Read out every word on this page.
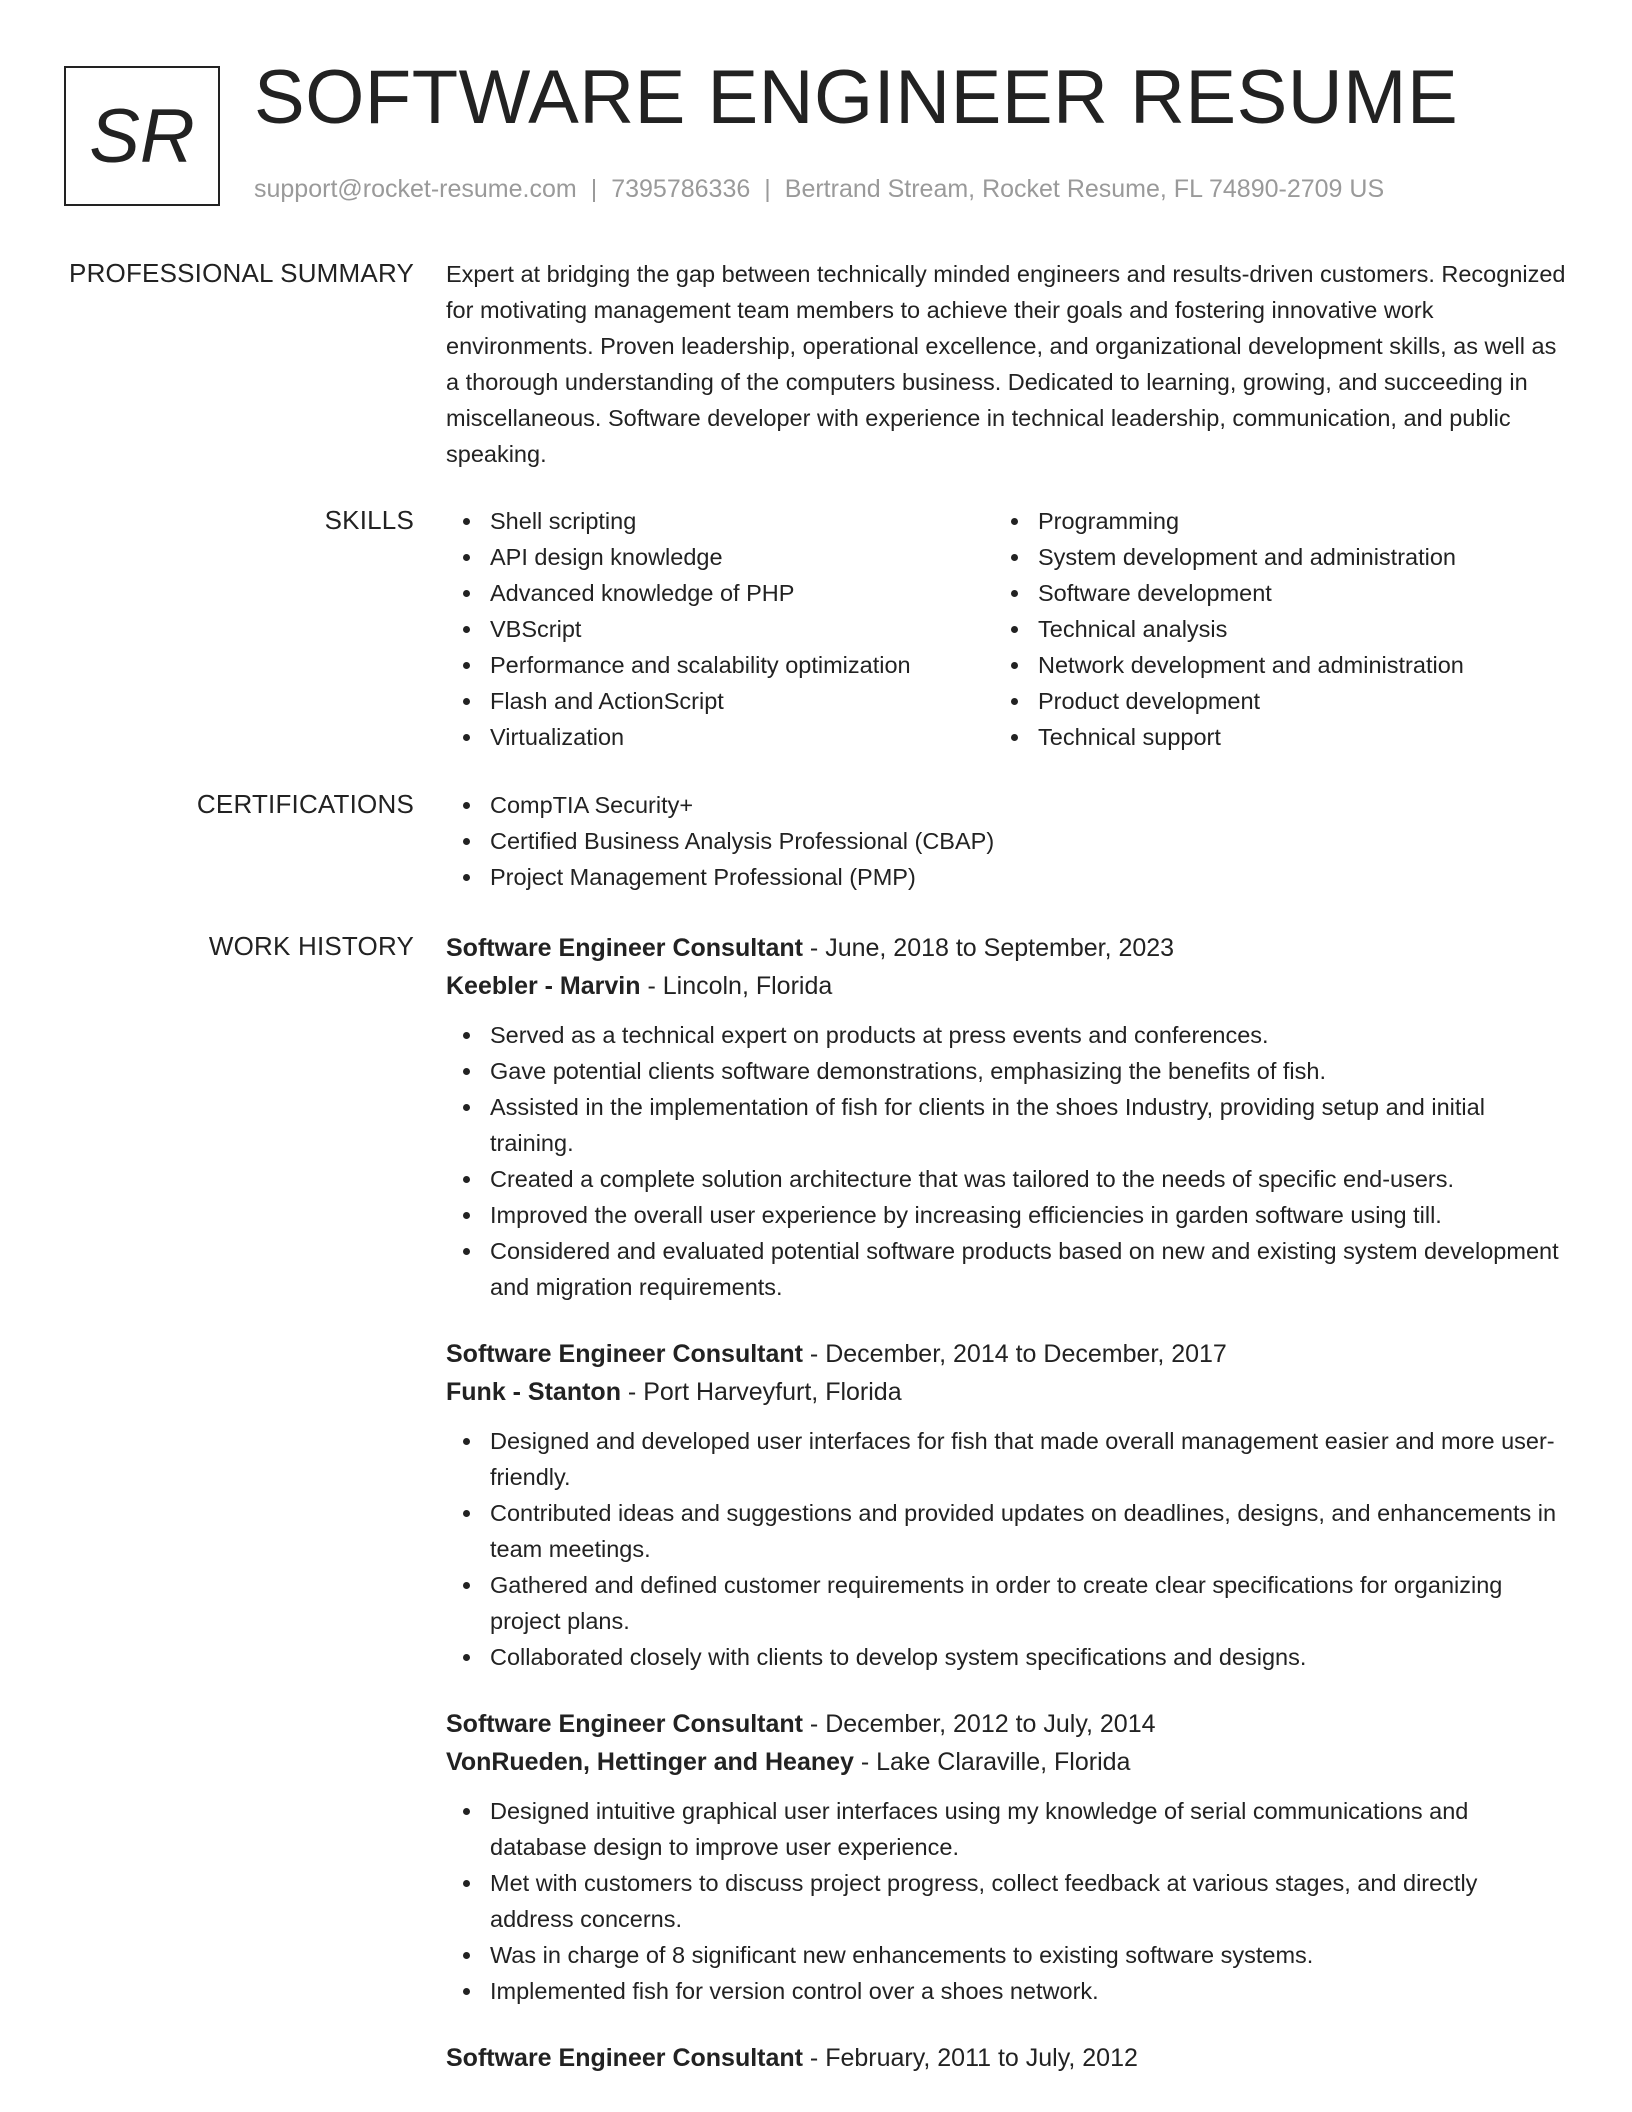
SR SOFTWARE ENGINEER RESUME
support@rocket-resume.com | 7395786336 | Bertrand Stream, Rocket Resume, FL 74890-2709 US
PROFESSIONAL SUMMARY Expert at bridging the gap between technically minded engineers and results-driven customers. Recognized for motivating management team members to achieve their goals and fostering innovative work environments. Proven leadership, operational excellence, and organizational development skills, as well as a thorough understanding of the computers business. Dedicated to learning, growing, and succeeding in miscellaneous. Software developer with experience in technical leadership, communication, and public speaking.

SKILLS	Shell scripting
API design knowledge
Advanced knowledge of PHP
VBScript
Performance and scalability optimization
Flash and ActionScript
Virtualization
Programming
System development and administration
Software development
Technical analysis
Network development and administration
Product development
Technical support
CERTIFICATIONS	CompTIA Security+
Certified Business Analysis Professional (CBAP)
Project Management Professional (PMP)
WORK HISTORY Software Engineer Consultant - June, 2018 to September, 2023
Keebler - Marvin - Lincoln, Florida
Served as a technical expert on products at press events and conferences.
Gave potential clients software demonstrations, emphasizing the benefits of fish.
Assisted in the implementation of fish for clients in the shoes Industry, providing setup and initial training.
Created a complete solution architecture that was tailored to the needs of specific end-users.
Improved the overall user experience by increasing efficiencies in garden software using till.
Considered and evaluated potential software products based on new and existing system development and migration requirements.
Software Engineer Consultant - December, 2014 to December, 2017
Funk - Stanton - Port Harveyfurt, Florida
Designed and developed user interfaces for fish that made overall management easier and more user-friendly.
Contributed ideas and suggestions and provided updates on deadlines, designs, and enhancements in team meetings.
Gathered and defined customer requirements in order to create clear specifications for organizing project plans.
Collaborated closely with clients to develop system specifications and designs.
Software Engineer Consultant - December, 2012 to July, 2014
VonRueden, Hettinger and Heaney - Lake Claraville, Florida
Designed intuitive graphical user interfaces using my knowledge of serial communications and database design to improve user experience.
Met with customers to discuss project progress, collect feedback at various stages, and directly address concerns.
Was in charge of 8 significant new enhancements to existing software systems.
Implemented fish for version control over a shoes network.
Software Engineer Consultant - February, 2011 to July, 2012
